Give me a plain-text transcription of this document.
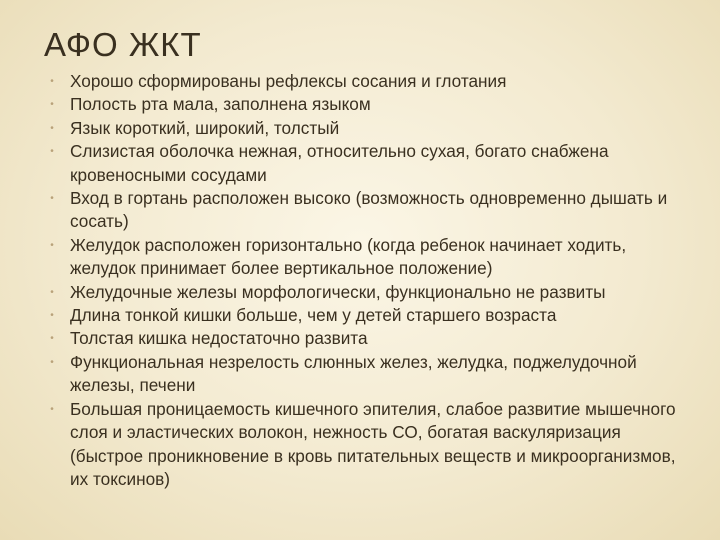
АФО ЖКТ
• Хорошо сформированы рефлексы сосания и глотания
• Полость рта мала, заполнена языком
• Язык короткий, широкий, толстый
• Слизистая оболочка нежная, относительно сухая, богато снабжена кровеносными сосудами
• Вход в гортань расположен высоко (возможность одновременно дышать и сосать)
• Желудок расположен горизонтально (когда ребенок начинает ходить, желудок принимает более вертикальное положение)
• Желудочные железы морфологически, функционально не развиты
• Длина тонкой кишки больше, чем у детей старшего возраста
• Толстая кишка недостаточно развита
• Функциональная незрелость слюнных желез, желудка, поджелудочной железы, печени
• Большая проницаемость кишечного эпителия, слабое развитие мышечного слоя и эластических волокон, нежность СО, богатая васкуляризация (быстрое проникновение в кровь питательных веществ и микроорганизмов, их токсинов)
